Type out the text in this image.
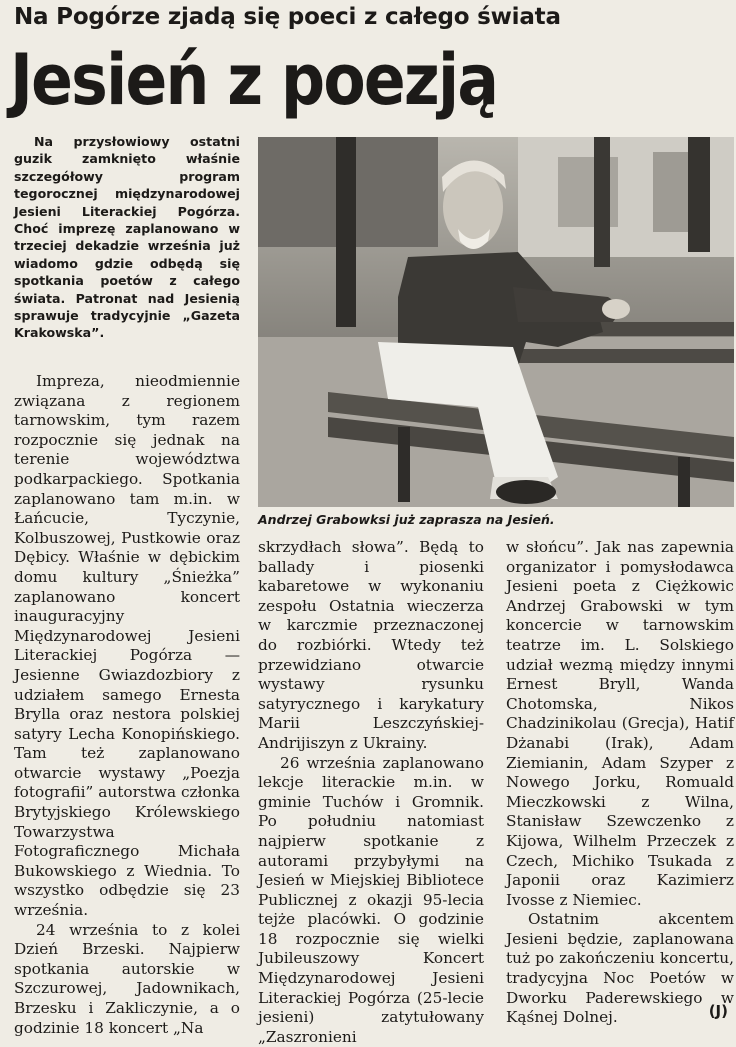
Na Pogórze zjadą się poeci z całego świata
Jesień z poezją
Na przysłowiowy ostatni guzik zamknięto właśnie szczegółowy program tegorocznej międzynarodowej Jesieni Literackiej Pogórza. Choć imprezę zaplanowano w trzeciej dekadzie września już wiadomo gdzie odbędą się spotkania poetów z całego świata. Patronat nad Jesienią sprawuje tradycyjnie „Gazeta Krakowska”.
Andrzej Grabowksi już zaprasza na Jesień.

Impreza, nieodmiennie związana z regionem tarnowskim, tym razem rozpocznie się jednak na terenie województwa podkarpackiego. Spotkania zaplanowano tam m.in. w Łańcucie, Tyczynie, Kolbuszowej, Pustkowie oraz Dębicy. Właśnie w dębickim domu kultury „Śnieżka” zaplanowano koncert inauguracyjny Międzynarodowej Jesieni Literackiej Pogórza — Jesienne Gwiazdozbiory z udziałem samego Ernesta Brylla oraz nestora polskiej satyry Lecha Konopińskiego. Tam też zaplanowano otwarcie wystawy „Poezja fotografii” autorstwa członka Brytyjskiego Królewskiego Towarzystwa Fotograficznego Michała Bukowskiego z Wiednia. To wszystko odbędzie się 23 września.

24 września to z kolei Dzień Brzeski. Najpierw spotkania autorskie w Szczurowej, Jadownikach, Brzesku i Zakliczynie, a o godzinie 18 koncert „Na

skrzydłach słowa”. Będą to ballady i piosenki kabaretowe w wykonaniu zespołu Ostatnia wieczerza w karczmie przeznaczonej do rozbiórki. Wtedy też przewidziano otwarcie wystawy rysunku satyrycznego i karykatury Marii Leszczyńskiej-Andrijiszyn z Ukrainy.

26 września zaplanowano lekcje literackie m.in. w gminie Tuchów i Gromnik. Po południu natomiast najpierw spotkanie z autorami przybyłymi na Jesień w Miejskiej Bibliotece Publicznej z okazji 95-lecia tejże placówki. O godzinie 18 rozpocznie się wielki Jubileuszowy Koncert Międzynarodowej Jesieni Literackiej Pogórza (25-lecie jesieni) zatytułowany „Zaszronieni

w słońcu”. Jak nas zapewnia organizator i pomysłodawca Jesieni poeta z Ciężkowic Andrzej Grabowski w tym koncercie w tarnowskim teatrze im. L. Solskiego udział wezmą między innymi Ernest Bryll, Wanda Chotomska, Nikos Chadzinikolau (Grecja), Hatif Dżanabi (Irak), Adam Ziemianin, Adam Szyper z Nowego Jorku, Romuald Mieczkowski z Wilna, Stanisław Szewczenko z Kijowa, Wilhelm Przeczek z Czech, Michiko Tsukada z Japonii oraz Kazimierz Ivosse z Niemiec.

Ostatnim akcentem Jesieni będzie, zaplanowana tuż po zakończeniu koncertu, tradycyjna Noc Poetów w Dworku Paderewskiego w Kąśnej Dolnej.	(J)
